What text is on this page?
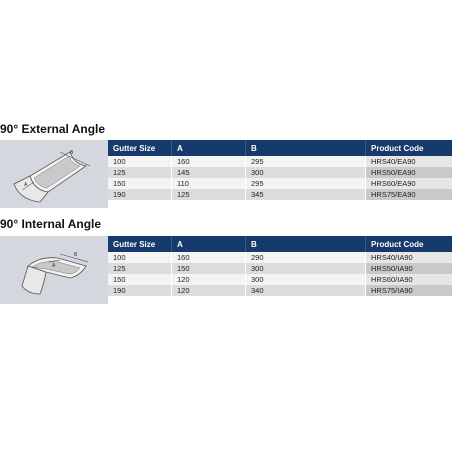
90° External Angle
B
A
Gutter Size	A	B	Product Code
100	160	295	HRS40/EA90
125	145	300	HRS50/EA90
150	110	295	HRS60/EA90
190	125	345	HRS75/EA90
90° Internal Angle
B
A
Gutter Size	A	B	Product Code
100	160	290	HRS40/IA90
125	150	300	HRS50/IA90
150	120	300	HRS60/IA90
190	120	340	HRS75/IA90
